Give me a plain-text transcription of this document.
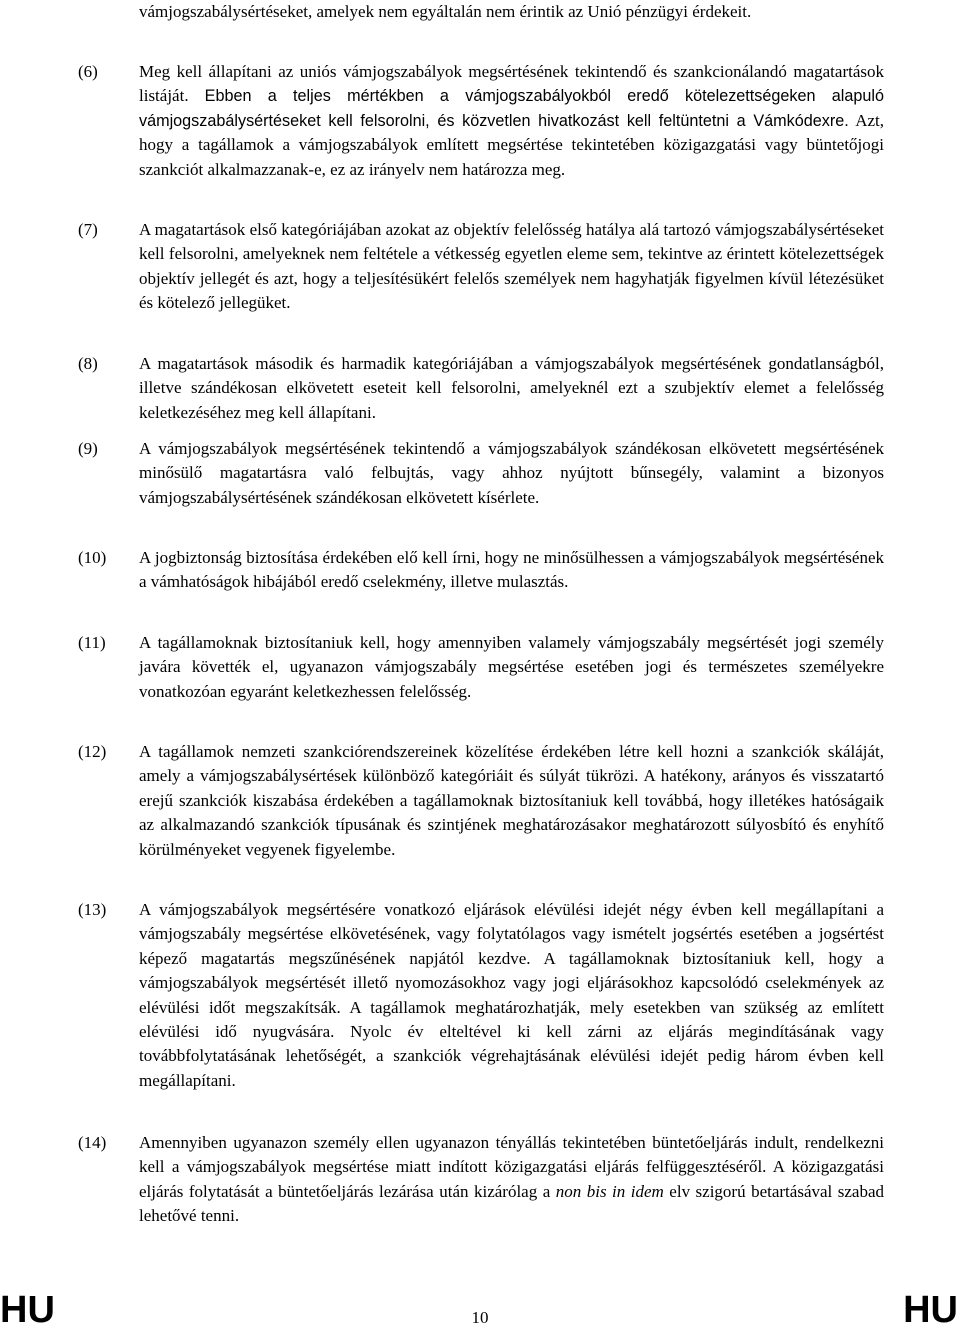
vámjogszabálysértéseket, amelyek nem egyáltalán nem érintik az Unió pénzügyi érdekeit.
(6)	Meg kell állapítani az uniós vámjogszabályok megsértésének tekintendő és szankcionálandó magatartások listáját. Ebben a teljes mértékben a vámjogszabályokból eredő kötelezettségeken alapuló vámjogszabálysértéseket kell felsorolni, és közvetlen hivatkozást kell feltüntetni a Vámkódexre. Azt, hogy a tagállamok a vámjogszabályok említett megsértése tekintetében közigazgatási vagy büntetőjogi szankciót alkalmazzanak-e, ez az irányelv nem határozza meg.
(7)	A magatartások első kategóriájában azokat az objektív felelősség hatálya alá tartozó vámjogszabálysértéseket kell felsorolni, amelyeknek nem feltétele a vétkesség egyetlen eleme sem, tekintve az érintett kötelezettségek objektív jellegét és azt, hogy a teljesítésükért felelős személyek nem hagyhatják figyelmen kívül létezésüket és kötelező jellegüket.
(8)	A magatartások második és harmadik kategóriájában a vámjogszabályok megsértésének gondatlanságból, illetve szándékosan elkövetett eseteit kell felsorolni, amelyeknél ezt a szubjektív elemet a felelősség keletkezéséhez meg kell állapítani.
(9)	A vámjogszabályok megsértésének tekintendő a vámjogszabályok szándékosan elkövetett megsértésének minősülő magatartásra való felbujtás, vagy ahhoz nyújtott bűnsegély, valamint a bizonyos vámjogszabálysértésének szándékosan elkövetett kísérlete.
(10)	A jogbiztonság biztosítása érdekében elő kell írni, hogy ne minősülhessen a vámjogszabályok megsértésének a vámhatóságok hibájából eredő cselekmény, illetve mulasztás.
(11)	A tagállamoknak biztosítaniuk kell, hogy amennyiben valamely vámjogszabály megsértését jogi személy javára követték el, ugyanazon vámjogszabály megsértése esetében jogi és természetes személyekre vonatkozóan egyaránt keletkezhessen felelősség.
(12)	A tagállamok nemzeti szankciórendszereinek közelítése érdekében létre kell hozni a szankciók skáláját, amely a vámjogszabálysértések különböző kategóriáit és súlyát tükrözi. A hatékony, arányos és visszatartó erejű szankciók kiszabása érdekében a tagállamoknak biztosítaniuk kell továbbá, hogy illetékes hatóságaik az alkalmazandó szankciók típusának és szintjének meghatározásakor meghatározott súlyosbító és enyhítő körülményeket vegyenek figyelembe.
(13)	A vámjogszabályok megsértésére vonatkozó eljárások elévülési idejét négy évben kell megállapítani a vámjogszabály megsértése elkövetésének, vagy folytatólagos vagy ismételt jogsértés esetében a jogsértést képező magatartás megszűnésének napjától kezdve. A tagállamoknak biztosítaniuk kell, hogy a vámjogszabályok megsértését illető nyomozásokhoz vagy jogi eljárásokhoz kapcsolódó cselekmények az elévülési időt megszakítsák. A tagállamok meghatározhatják, mely esetekben van szükség az említett elévülési idő nyugvására. Nyolc év elteltével ki kell zárni az eljárás megindításának vagy továbbfolytatásának lehetőségét, a szankciók végrehajtásának elévülési idejét pedig három évben kell megállapítani.
(14)	Amennyiben ugyanazon személy ellen ugyanazon tényállás tekintetében büntetőeljárás indult, rendelkezni kell a vámjogszabályok megsértése miatt indított közigazgatási eljárás felfüggesztéséről. A közigazgatási eljárás folytatását a büntetőeljárás lezárása után kizárólag a non bis in idem elv szigorú betartásával szabad lehetővé tenni.
HU	10	HU
